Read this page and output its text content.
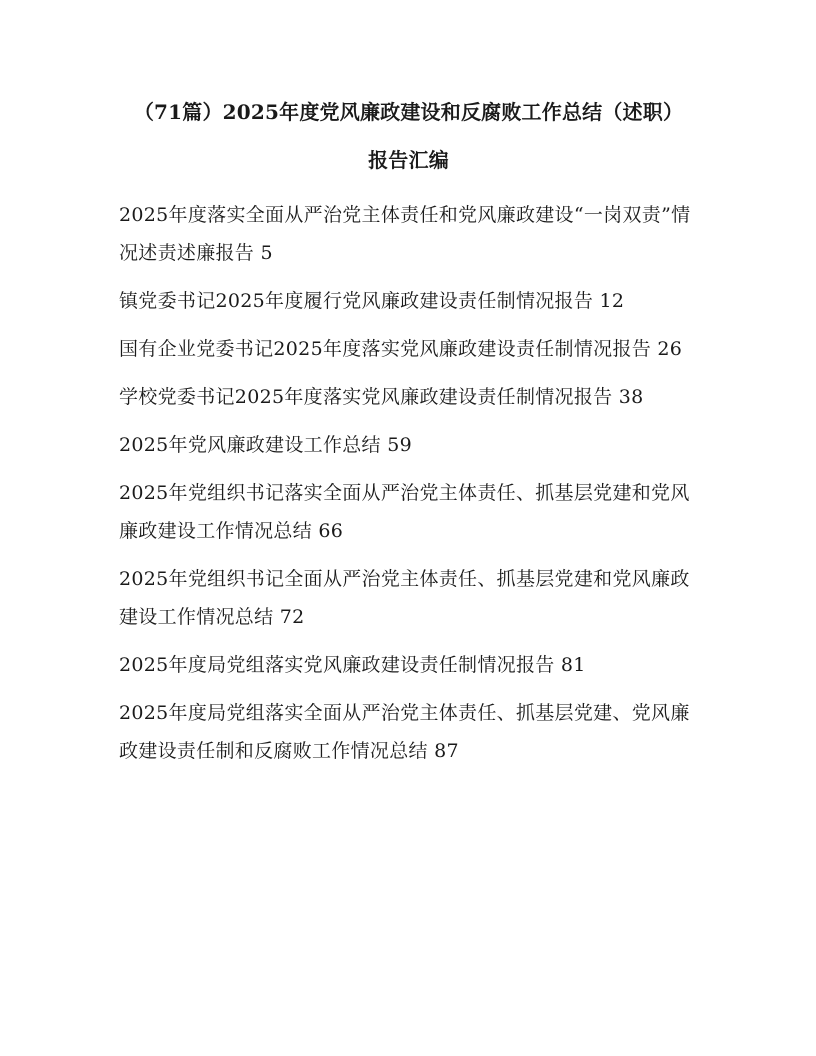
（71篇）2025年度党风廉政建设和反腐败工作总结（述职）
报告汇编
2025年度落实全面从严治党主体责任和党风廉政建设“一岗双责”情况述责述廉报告 5
镇党委书记2025年度履行党风廉政建设责任制情况报告 12
国有企业党委书记2025年度落实党风廉政建设责任制情况报告 26
学校党委书记2025年度落实党风廉政建设责任制情况报告 38
2025年党风廉政建设工作总结 59
2025年党组织书记落实全面从严治党主体责任、抓基层党建和党风廉政建设工作情况总结 66
2025年党组织书记全面从严治党主体责任、抓基层党建和党风廉政建设工作情况总结 72
2025年度局党组落实党风廉政建设责任制情况报告 81
2025年度局党组落实全面从严治党主体责任、抓基层党建、党风廉政建设责任制和反腐败工作情况总结 87
